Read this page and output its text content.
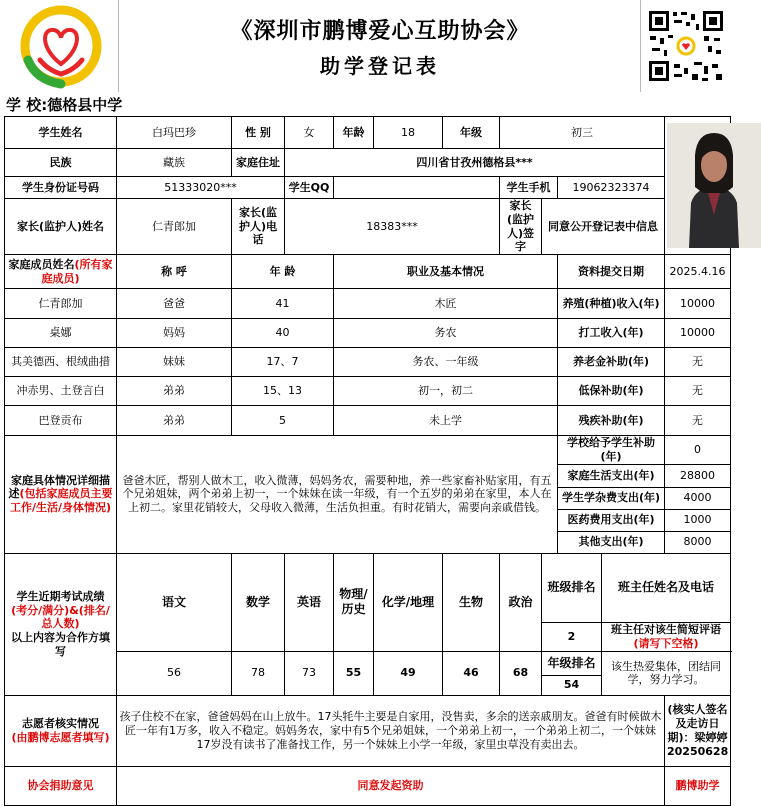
《深圳市鹏博爱心互助协会》
助学登记表
学 校:德格县中学
学生姓名	白玛巴珍	性 别	女	年龄	18	年级	初三	

民族	藏族	家庭住址	四川省甘孜州德格县***									
学生身份证号码	51333020***		学生QQ				学生手机		19062323374			
家长(监护人)姓名	仁青郎加	家长(监护人)电话	18383***				家长(监护人)签字	同意公开登记表中信息				
家庭成员姓名(所有家庭成员)	称 呼	年 龄		职业及基本情况					资料提交日期		2025.4.16	
仁青郎加	爸爸	41		木匠					养殖(种植)收入(年)		10000	
桌娜	妈妈	40		务农					打工收入(年)		10000	
其美德西、根绒曲措	妹妹	17、7		务农、一年级					养老金补助(年)		无	
冲赤男、土登言白	弟弟	15、13		初一，初二					低保补助(年)		无	
巴登贡布	弟弟	5		未上学					残疾补助(年)		无	
家庭具体情况详细描述(包括家庭成员主要工作/生活/身体情况)	爸爸木匠，帮别人做木工，收入微薄，妈妈务农，需要种地，养一些家畜补贴家用，有五个兄弟姐妹，两个弟弟上初一，一个妹妹在读一年级，有一个五岁的弟弟在家里，本人在上初二。家里花销较大，父母收入微薄，生活负担重。有时花销大，需要向亲戚借钱。								学校给予学生补助(年)		0	
									家庭生活支出(年)		28800	
									学生学杂费支出(年)		4000	
									医药费用支出(年)		1000	
									其他支出(年)		8000	
学生近期考试成绩
(考分/满分)&(排名/总人数)
以上内容为合作方填写	语文	数学	英语	物理/历史	化学/地理	生物	政治	班级排名		班主任姓名及电话	
								2		班主任对该生简短评语(请写下空格)		
	56	78	73	55	49	46	68	年级排名		该生热爱集体，团结同学，努力学习。		
								54				
志愿者核实情况
(由鹏博志愿者填写)	孩子住校不在家，爸爸妈妈在山上放牛。17头牦牛主要是自家用，没售卖，多余的送亲戚朋友。爸爸有时候做木匠一年有1万多，收入不稳定。妈妈务农，家中有5个兄弟姐妹，一个弟弟上初一，一个弟弟上初二，一个妹妹17岁没有读书了准备找工作，另一个妹妹上小学一年级，家里虫草没有卖出去。										(核实人签名及走访日期)：梁婷婷20250628	
协会捐助意见	同意发起资助										鹏博助学	
